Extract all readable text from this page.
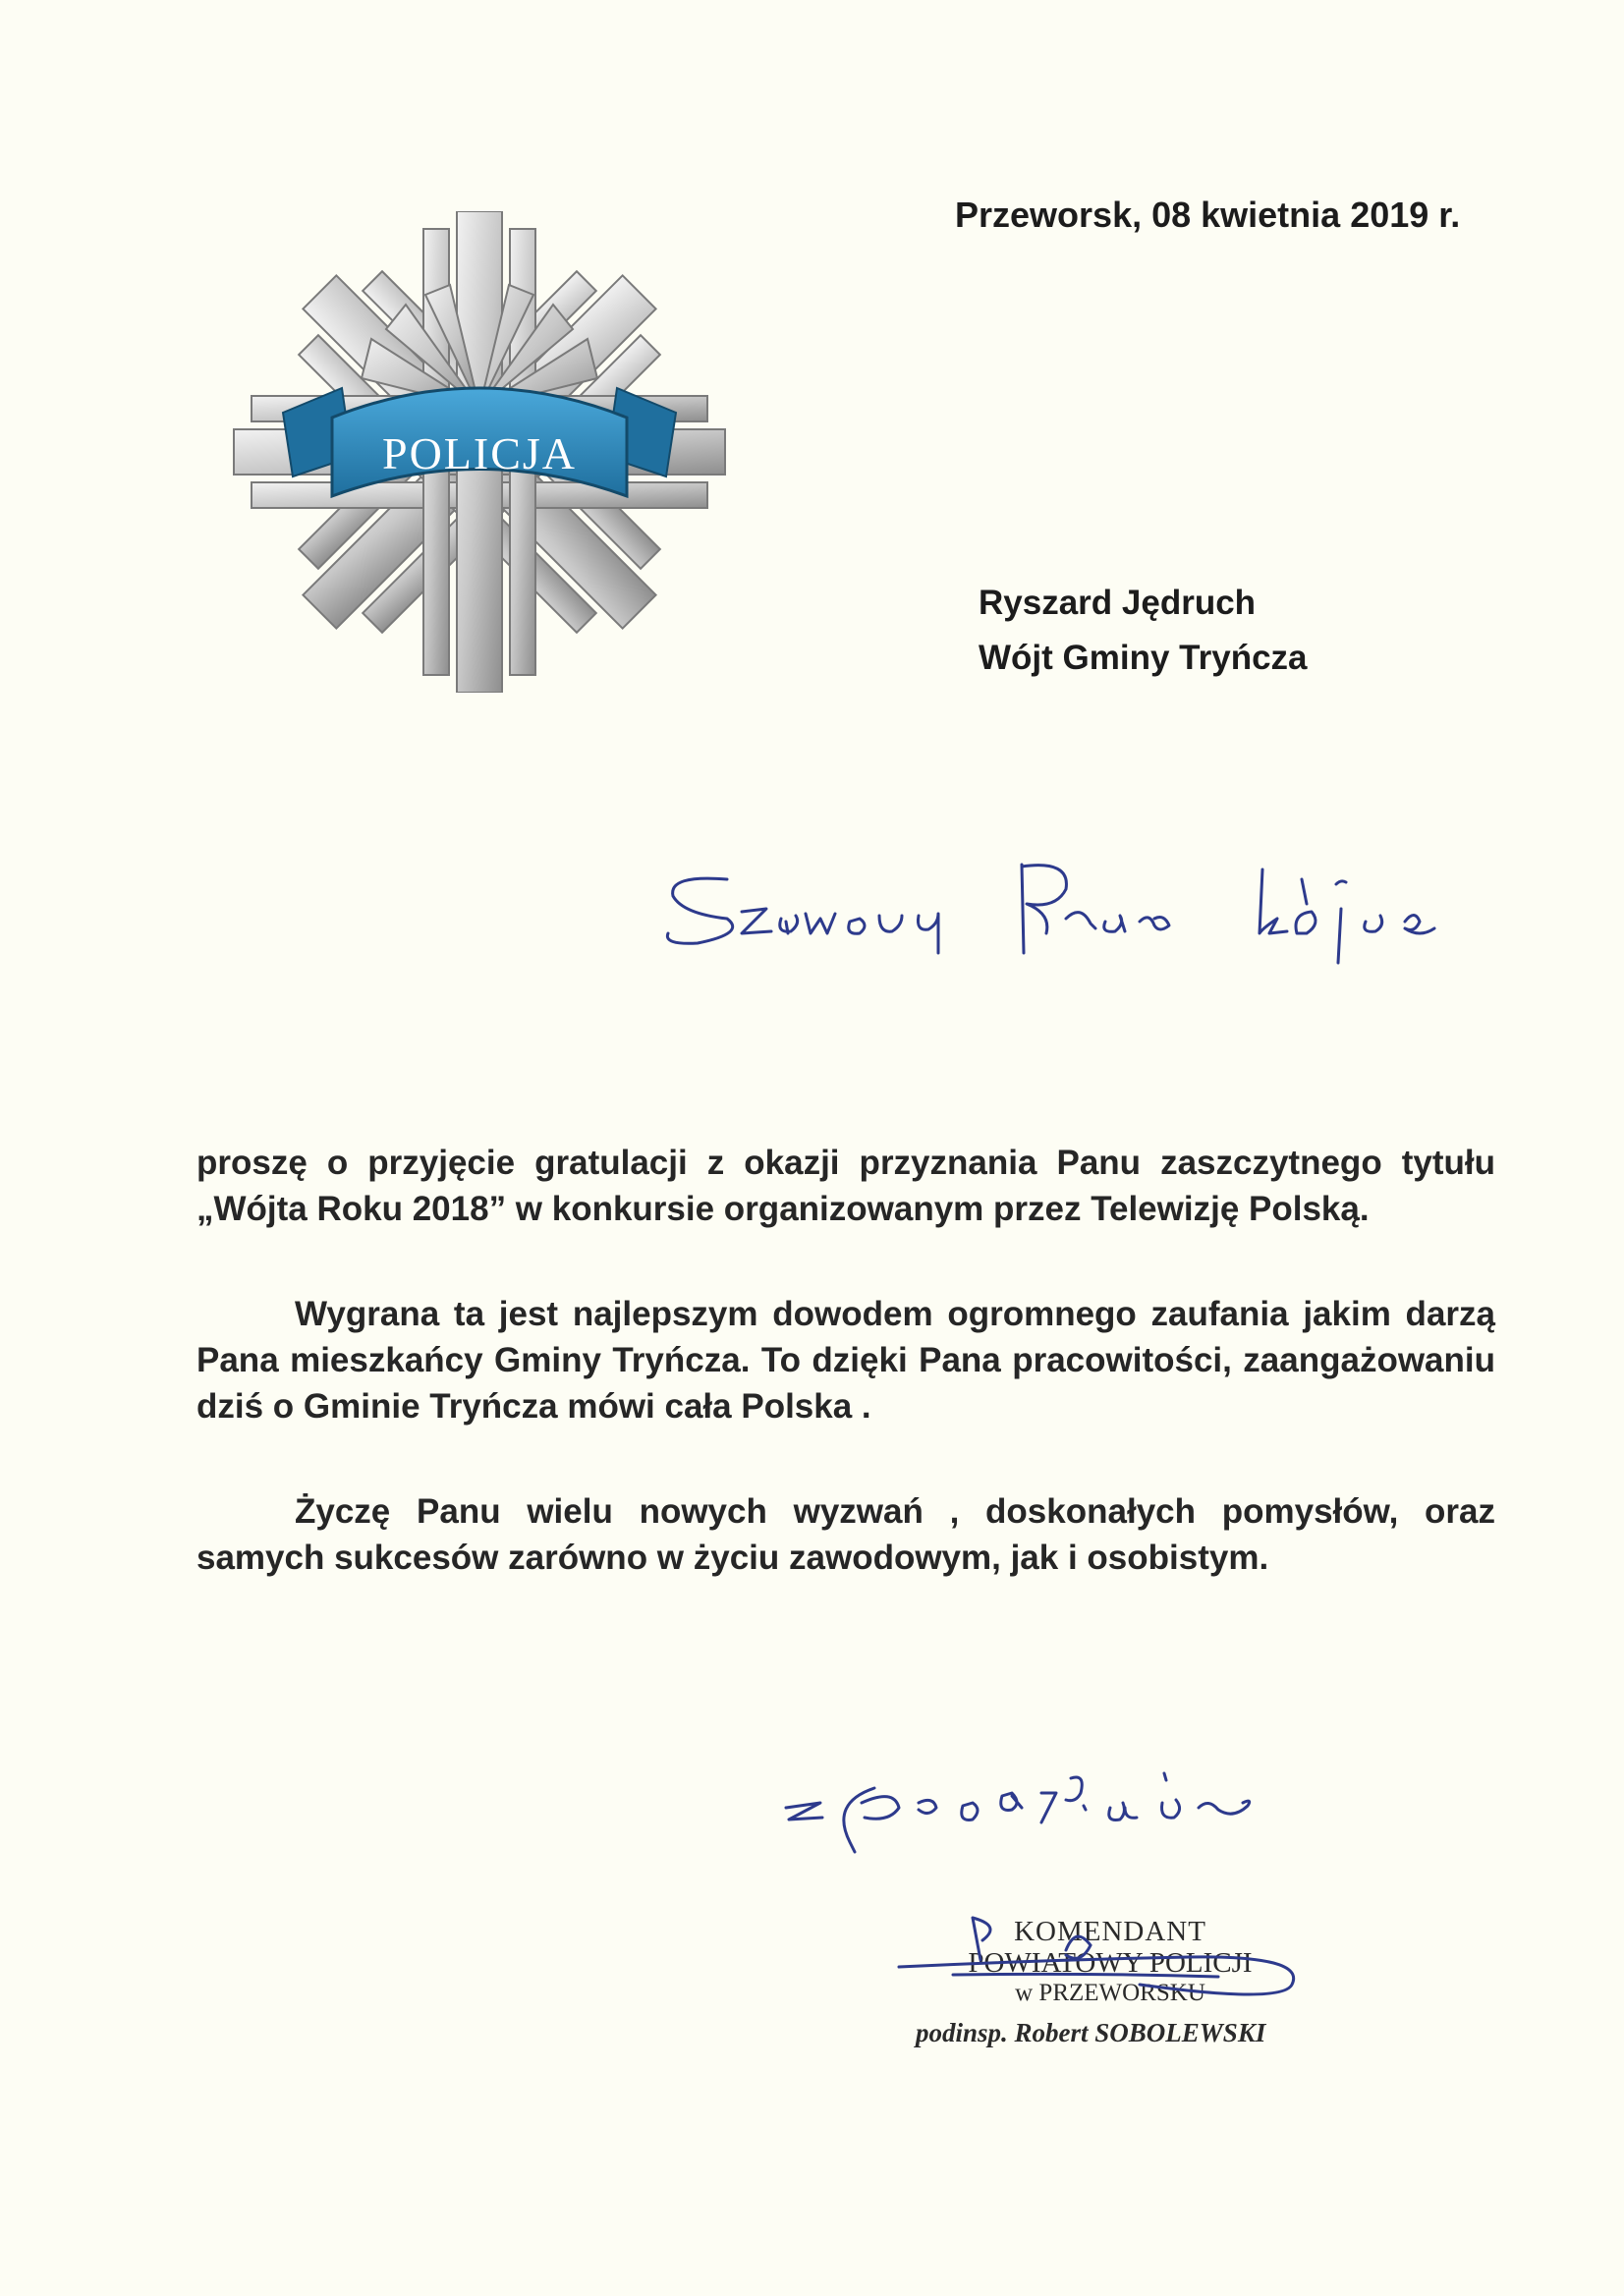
POLICJA
Przeworsk, 08 kwietnia 2019 r.
Ryszard Jędruch
Wójt Gminy Tryńcza
Szanowny Panie Wójcie

proszę o przyjęcie gratulacji z okazji przyznania Panu zaszczytnego tytułu „Wójta Roku 2018” w konkursie organizowanym przez Telewizję Polską.

Wygrana ta jest najlepszym dowodem ogromnego zaufania jakim darzą Pana mieszkańcy Gminy Tryńcza. To dzięki Pana pracowitości, zaangażowaniu dziś o Gminie Tryńcza mówi cała Polska .

Życzę Panu wielu nowych wyzwań , doskonałych pomysłów, oraz samych sukcesów zarówno w życiu zawodowym, jak i osobistym.

z poważaniem
KOMENDANT
POWIATOWY POLICJI
w PRZEWORSKU
podinsp. Robert SOBOLEWSKI
